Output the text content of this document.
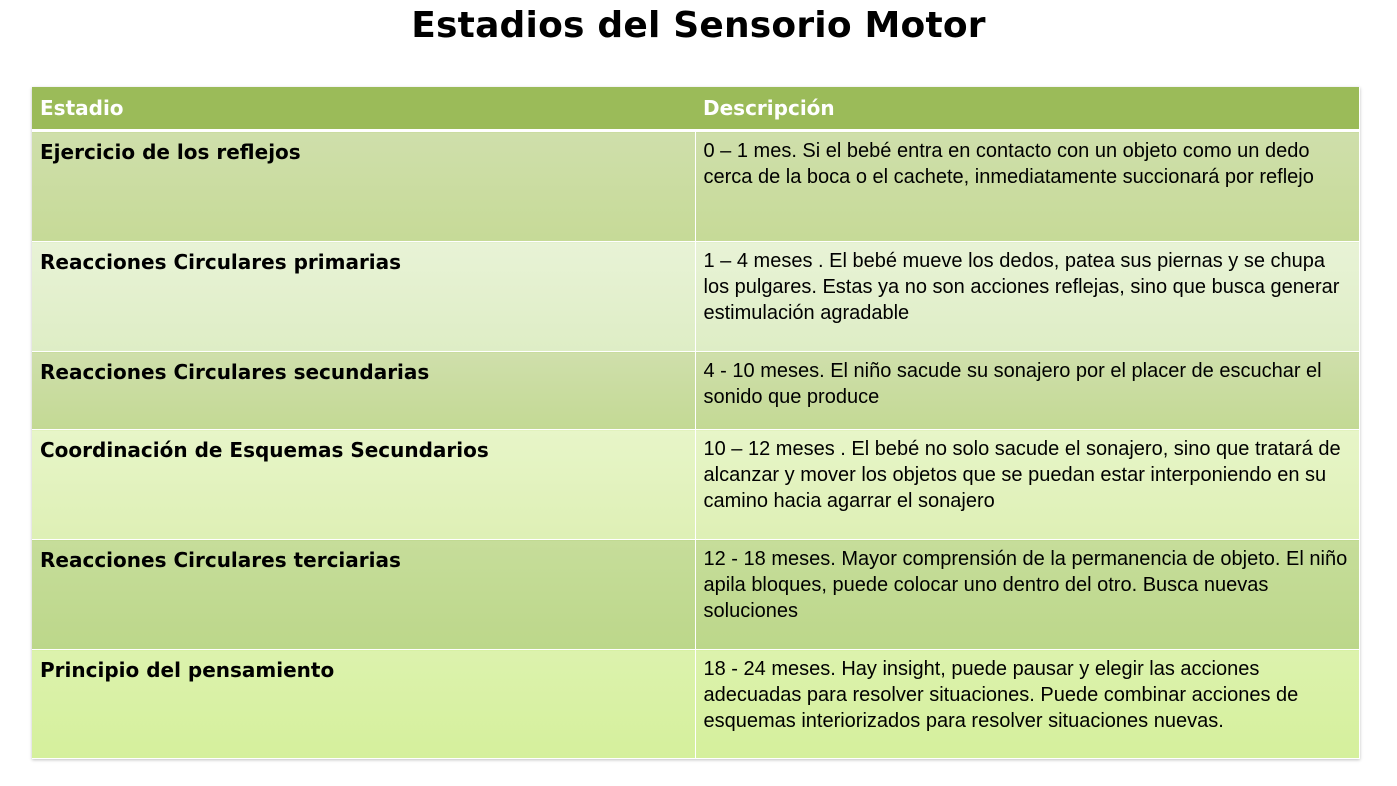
Estadios del Sensorio Motor
Estadio	Descripción
Ejercicio de los reflejos	0 – 1 mes. Si el bebé entra en contacto con un objeto como un dedo cerca de la boca o el cachete, inmediatamente succionará por reflejo
Reacciones Circulares primarias	1 – 4 meses . El bebé mueve los dedos, patea sus piernas y se chupa los pulgares. Estas ya no son acciones reflejas, sino que busca generar estimulación agradable
Reacciones Circulares secundarias	4 - 10 meses. El niño sacude su sonajero por el placer de escuchar el sonido que produce
Coordinación de Esquemas Secundarios	10 – 12 meses . El bebé no solo sacude el sonajero, sino que tratará de alcanzar y mover los objetos que se puedan estar interponiendo en su camino hacia agarrar el sonajero
Reacciones Circulares terciarias	12 - 18 meses. Mayor comprensión de la permanencia de objeto. El niño apila bloques, puede colocar uno dentro del otro. Busca nuevas soluciones
Principio del pensamiento	18 - 24 meses. Hay insight, puede pausar y elegir las acciones adecuadas para resolver situaciones. Puede combinar acciones de esquemas interiorizados para resolver situaciones nuevas.
